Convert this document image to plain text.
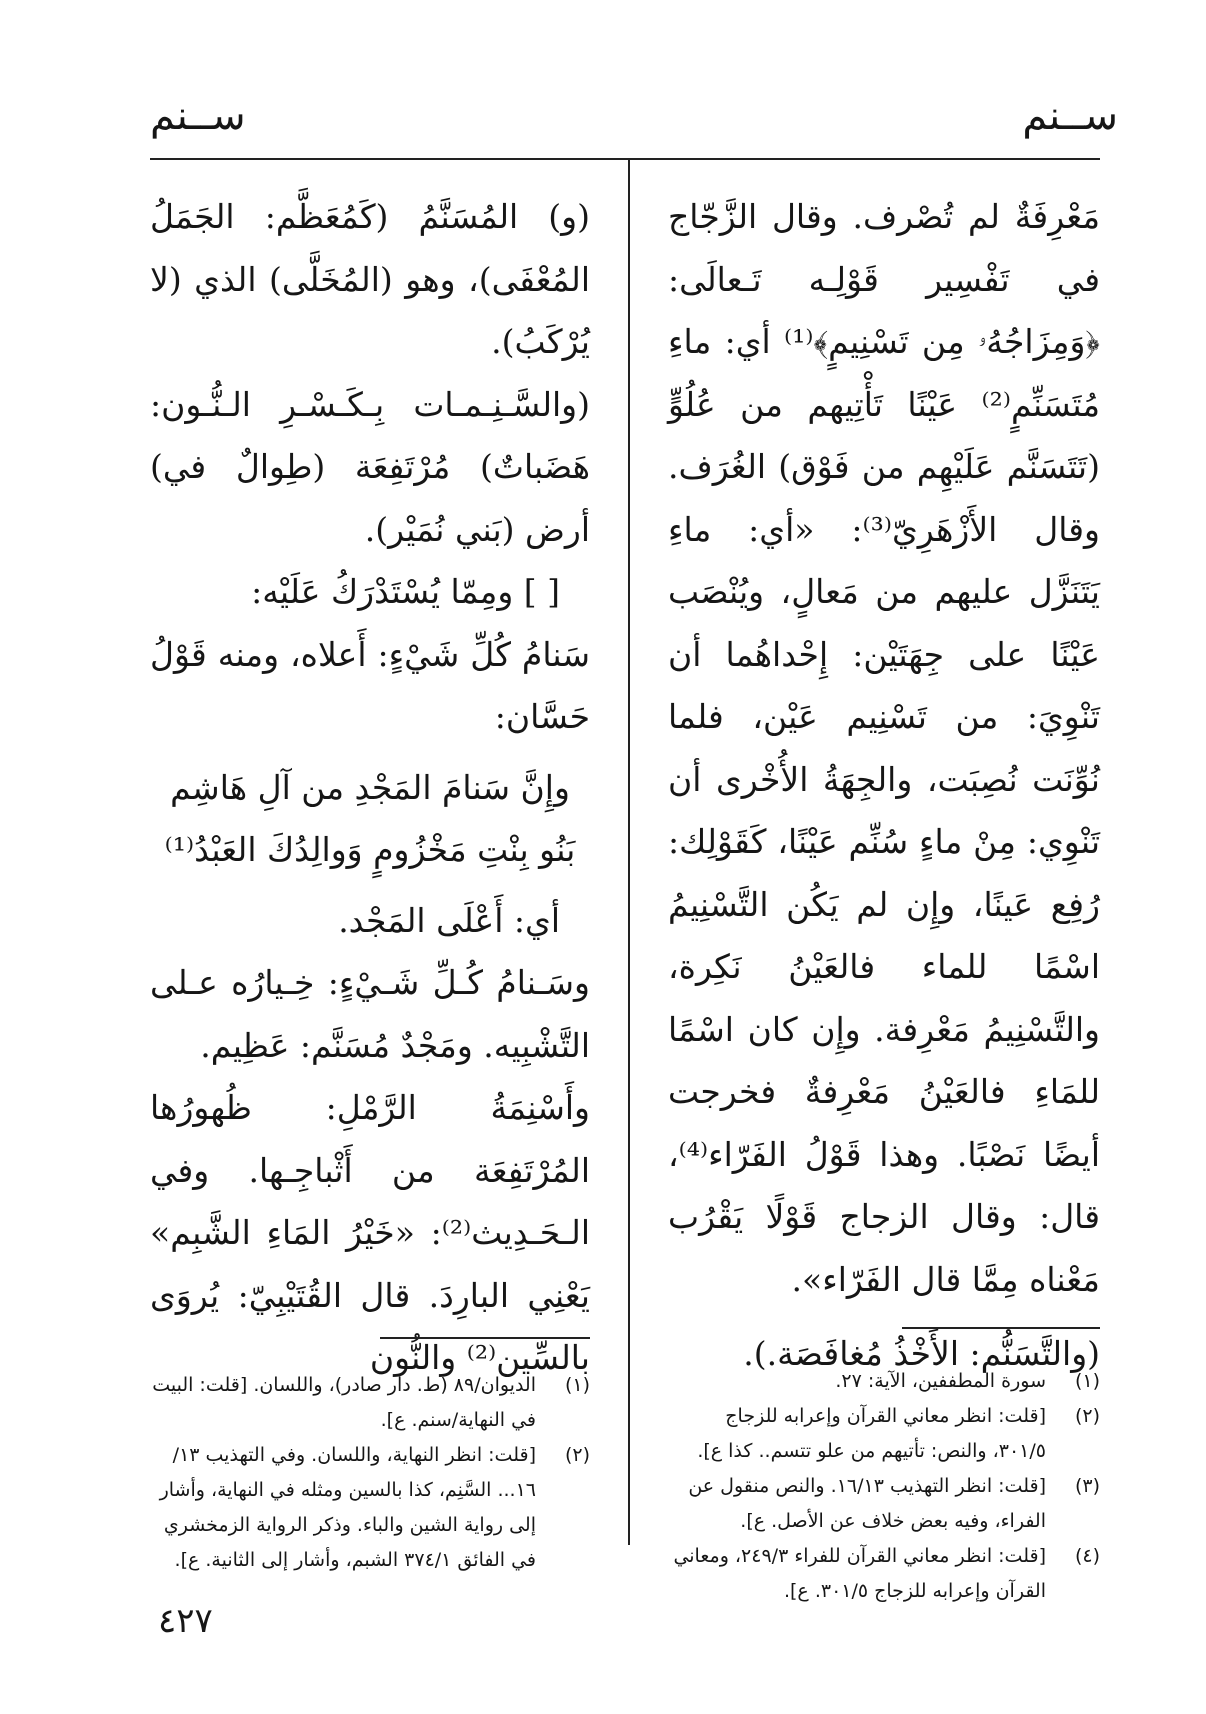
ســنم
ســنم

مَعْرِفَةٌ لم تُصْرف. وقال الزَّجّاج في تَفْسِير قَوْلِـه تَـعالَى: ﴿وَمِزَاجُهُۥ مِن تَسْنِيمٍ﴾⁽¹⁾ أي: ماءِ مُتَسَنِّمٍ⁽²⁾ عَيْنًا تَأْتِيهم من عُلُوٍّ (تَتَسَنَّم عَلَيْهِم من فَوْق) الغُرَف. وقال الأَزْهَرِيّ⁽³⁾: «أي: ماءِ يَتَنَزَّل عليهم من مَعالٍ، ويُنْصَب عَيْنًا على جِهَتَيْن: إِحْداهُما أن تَنْوِيَ: من تَسْنِيم عَيْن، فلما نُوِّنَت نُصِبَت، والجِهَةُ الأُخْرى أن تَنْوِي: مِنْ ماءٍ سُنِّم عَيْنًا، كَقَوْلِك: رُفِع عَينًا، وإِن لم يَكُن التَّسْنِيمُ اسْمًا للماء فالعَيْنُ نَكِرة، والتَّسْنِيمُ مَعْرِفة. وإِن كان اسْمًا للمَاءِ فالعَيْنُ مَعْرِفةٌ فخرجت أيضًا نَصْبًا. وهذا قَوْلُ الفَرّاء⁽⁴⁾، قال: وقال الزجاج قَوْلًا يَقْرُب مَعْناه مِمَّا قال الفَرّاء».

(والتَّسَنُّم: الأَخْذُ مُغافَصَة.).

(و) المُسَنَّمُ (كَمُعَظَّم: الجَمَلُ المُعْفَى)، وهو (المُخَلَّى) الذي (لا يُرْكَبُ).

(والسَّـنِـمـات بِـكَـسْـرِ الـنُّـون: هَضَباتٌ) مُرْتَفِعَة (طِوالٌ في) أرض (بَني نُمَيْر).

[ ] ومِمّا يُسْتَدْرَكُ عَلَيْه:

سَنامُ كُلِّ شَيْءٍ: أَعلاه، ومنه قَوْلُ حَسَّان:

وإِنَّ سَنامَ المَجْدِ من آلِ هَاشِم
بَنُو بِنْتِ مَخْزُومٍ وَوالِدُكَ العَبْدُ⁽¹⁾

أي: أَعْلَى المَجْد.

وسَـنامُ كُـلِّ شَـيْءٍ: خِـيارُه عـلى التَّشْبِيه. ومَجْدٌ مُسَنَّم: عَظِيم.

وأَسْنِمَةُ الرَّمْلِ: ظُهورُها المُرْتَفِعَة من أَثْباجِـها. وفي الـحَـدِيث⁽²⁾: «خَيْرُ المَاءِ الشَّبِم» يَعْنِي البارِدَ. قال القُتَيْبِيّ: يُروَى بالسِّين⁽²⁾ والنُّون

(١)
سورة المطففين، الآية: ٢٧.
(٢)
[قلت: انظر معاني القرآن وإعرابه للزجاج ٣٠١/٥، والنص: تأتيهم من علو تتسم.. كذا ع].
(٣)
[قلت: انظر التهذيب ١٦/١٣. والنص منقول عن الفراء، وفيه بعض خلاف عن الأصل. ع].
(٤)
[قلت: انظر معاني القرآن للفراء ٢٤٩/٣، ومعاني القرآن وإعرابه للزجاج ٣٠١/٥. ع].
(١)
الديوان/٨٩ (ط. دار صادر)، واللسان. [قلت: البيت في النهاية/سنم. ع].
(٢)
[قلت: انظر النهاية، واللسان. وفي التهذيب ١٣/ ١٦... السَّنِم، كذا بالسين ومثله في النهاية، وأشار إلى رواية الشين والباء. وذكر الرواية الزمخشري في الفائق ٣٧٤/١ الشبم، وأشار إلى الثانية. ع].
٤٢٧
